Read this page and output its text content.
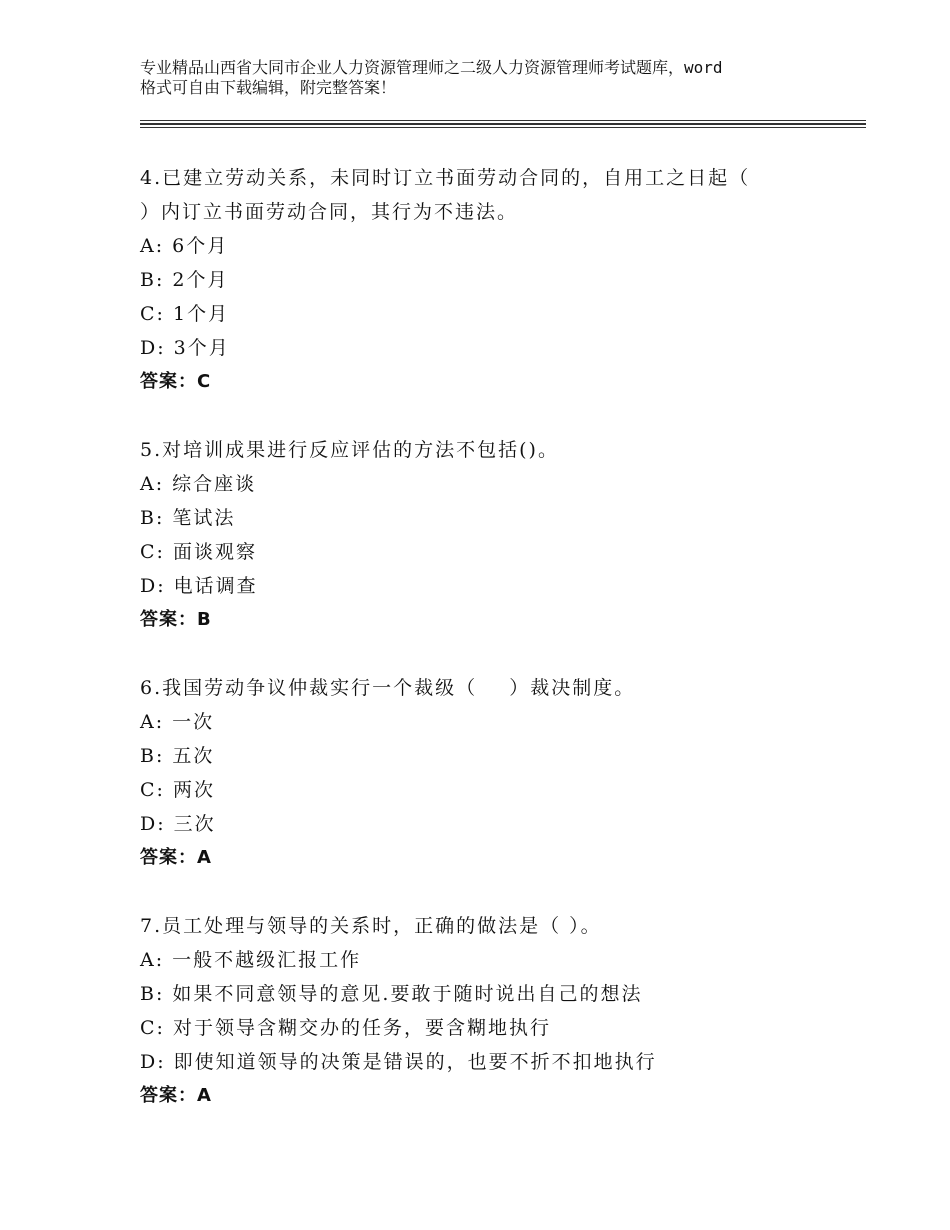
专业精品山西省大同市企业人力资源管理师之二级人力资源管理师考试题库，word
格式可自由下载编辑，附完整答案！
4.已建立劳动关系，未同时订立书面劳动合同的，自用工之日起（
）内订立书面劳动合同，其行为不违法。
A: 6个月
B: 2个月
C: 1个月
D: 3个月
答案：C
5.对培训成果进行反应评估的方法不包括()。
A: 综合座谈
B: 笔试法
C: 面谈观察
D: 电话调查
答案：B
6.我国劳动争议仲裁实行一个裁级（    ）裁决制度。
A: 一次
B: 五次
C: 两次
D: 三次
答案：A
7.员工处理与领导的关系时，正确的做法是（ ）。
A: 一般不越级汇报工作
B: 如果不同意领导的意见.要敢于随时说出自己的想法
C: 对于领导含糊交办的任务，要含糊地执行
D: 即使知道领导的决策是错误的，也要不折不扣地执行
答案：A
